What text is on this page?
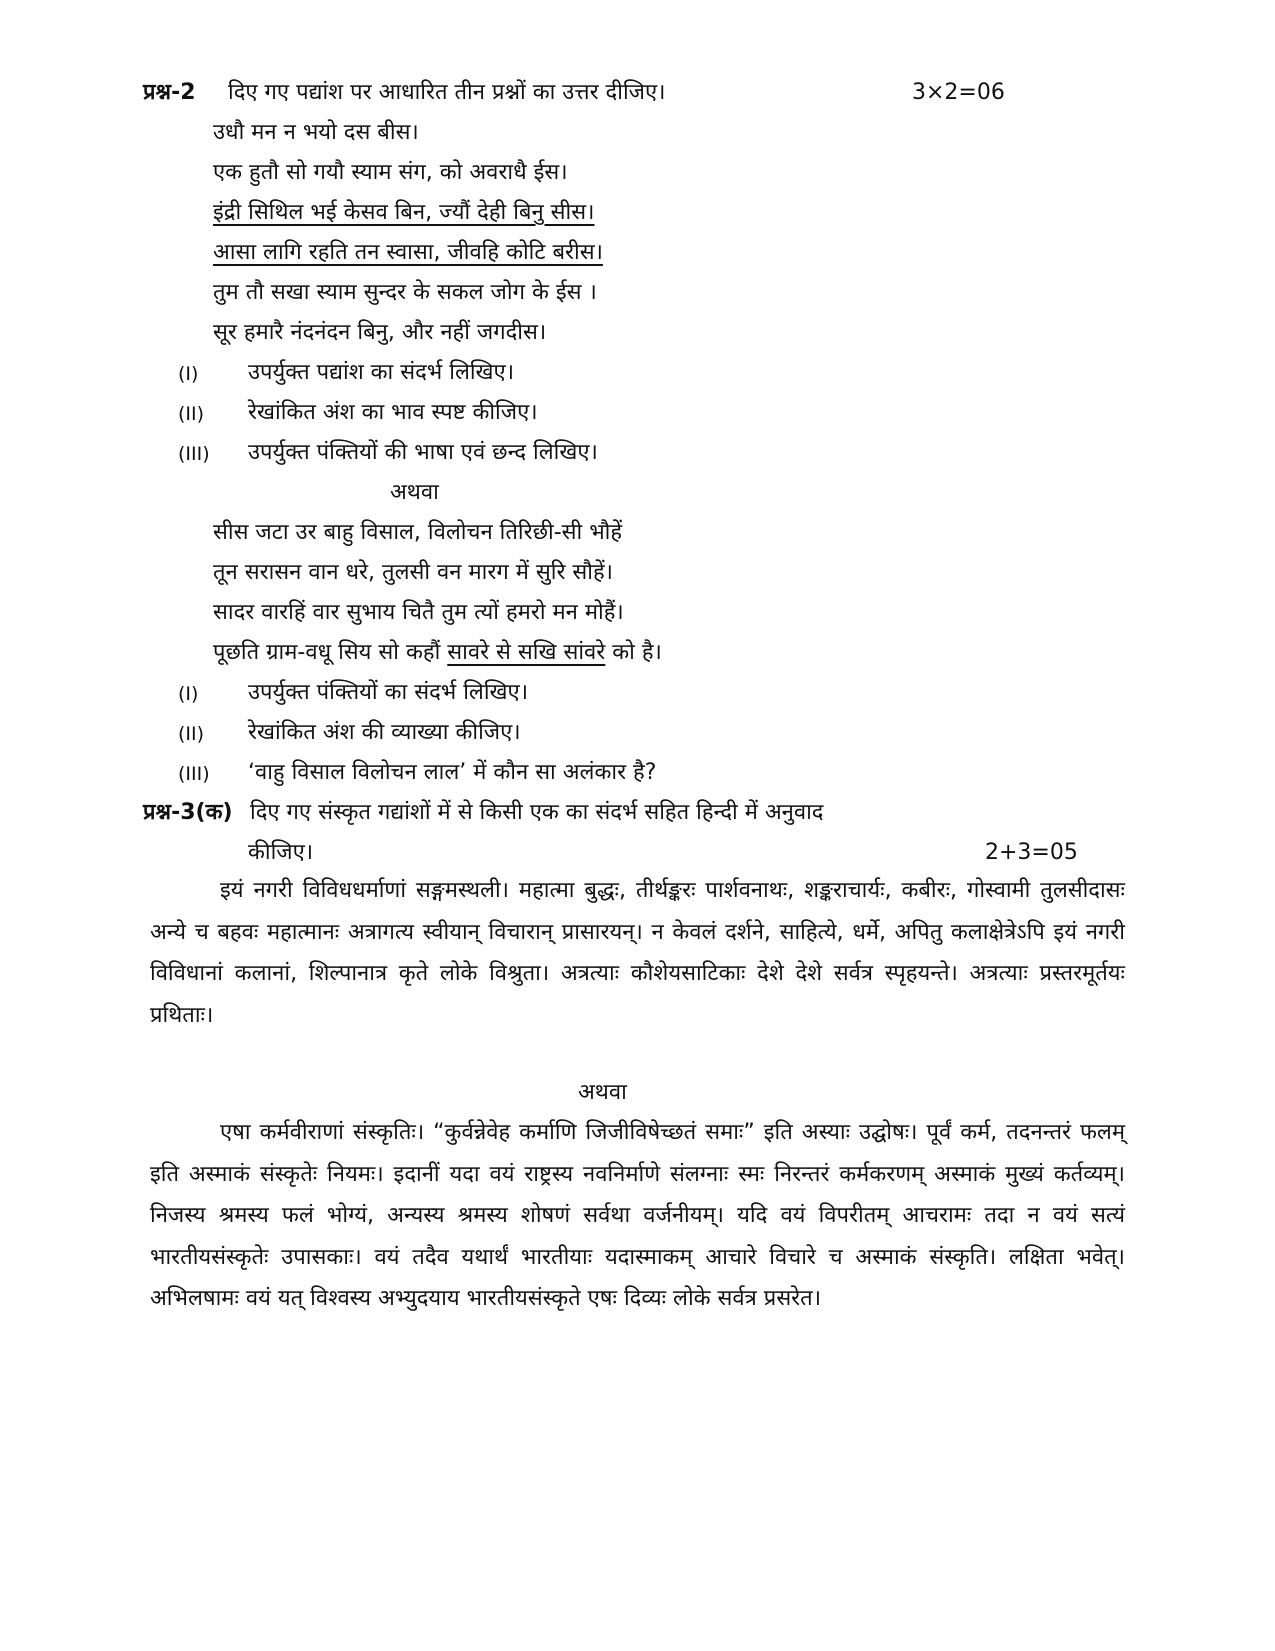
प्रश्न-2 दिए गए पद्यांश पर आधारित तीन प्रश्नों का उत्तर दीजिए।	3×2=06
उधौ मन न भयो दस बीस।
एक हुतौ सो गयौ स्याम संग, को अवराधै ईस।
इंद्री सिथिल भई केसव बिन, ज्यौं देही बिनु सीस।
आसा लागि रहति तन स्वासा, जीवहि कोटि बरीस।
तुम तौ सखा स्याम सुन्दर के सकल जोग के ईस ।
सूर हमारै नंदनंदन बिनु, और नहीं जगदीस।
(I) उपर्युक्त पद्यांश का संदर्भ लिखिए।
(II) रेखांकित अंश का भाव स्पष्ट कीजिए।
(III) उपर्युक्त पंक्तियों की भाषा एवं छन्द लिखिए।
अथवा
सीस जटा उर बाहु विसाल, विलोचन तिरिछी-सी भौहें
तून सरासन वान धरे, तुलसी वन मारग में सुरि सौहें।
सादर वारहिं वार सुभाय चितै तुम त्यों हमरो मन मोहैं।
पूछति ग्राम-वधू सिय सो कहौं सावरे से सखि सांवरे को है।
(I) उपर्युक्त पंक्तियों का संदर्भ लिखिए।
(II) रेखांकित अंश की व्याख्या कीजिए।
(III) ‘वाहु विसाल विलोचन लाल’ में कौन सा अलंकार है?
प्रश्न-3(क) दिए गए संस्कृत गद्यांशों में से किसी एक का संदर्भ सहित हिन्दी में अनुवाद
कीजिए।	2+3=05

इयं नगरी विविधधर्माणां सङ्गमस्थली। महात्मा बुद्धः, तीर्थङ्करः पार्शवनाथः, शङ्कराचार्यः, कबीरः, गोस्वामी तुलसीदासः अन्ये च बहवः महात्मानः अत्रागत्य स्वीयान् विचारान् प्रासारयन्। न केवलं दर्शने, साहित्ये, धर्मे, अपितु कलाक्षेत्रेऽपि इयं नगरी विविधानां कलानां, शिल्पानात्र कृते लोके विश्रुता। अत्रत्याः कौशेयसाटिकाः देशे देशे सर्वत्र स्पृहयन्ते। अत्रत्याः प्रस्तरमूर्तयः प्रथिताः।

अथवा

एषा कर्मवीराणां संस्कृतिः। “कुर्वन्नेवेह कर्माणि जिजीविषेच्छतं समाः” इति अस्याः उद्घोषः। पूर्वं कर्म, तदनन्तरं फलम् इति अस्माकं संस्कृतेः नियमः। इदानीं यदा वयं राष्ट्रस्य नवनिर्माणे संलग्नाः स्मः निरन्तरं कर्मकरणम् अस्माकं मुख्यं कर्तव्यम्। निजस्य श्रमस्य फलं भोग्यं, अन्यस्य श्रमस्य शोषणं सर्वथा वर्जनीयम्। यदि वयं विपरीतम् आचरामः तदा न वयं सत्यं भारतीयसंस्कृतेः उपासकाः। वयं तदैव यथार्थं भारतीयाः यदास्माकम् आचारे विचारे च अस्माकं संस्कृति। लक्षिता भवेत्। अभिलषामः वयं यत् विश्वस्य अभ्युदयाय भारतीयसंस्कृते एषः दिव्यः लोके सर्वत्र प्रसरेत।
